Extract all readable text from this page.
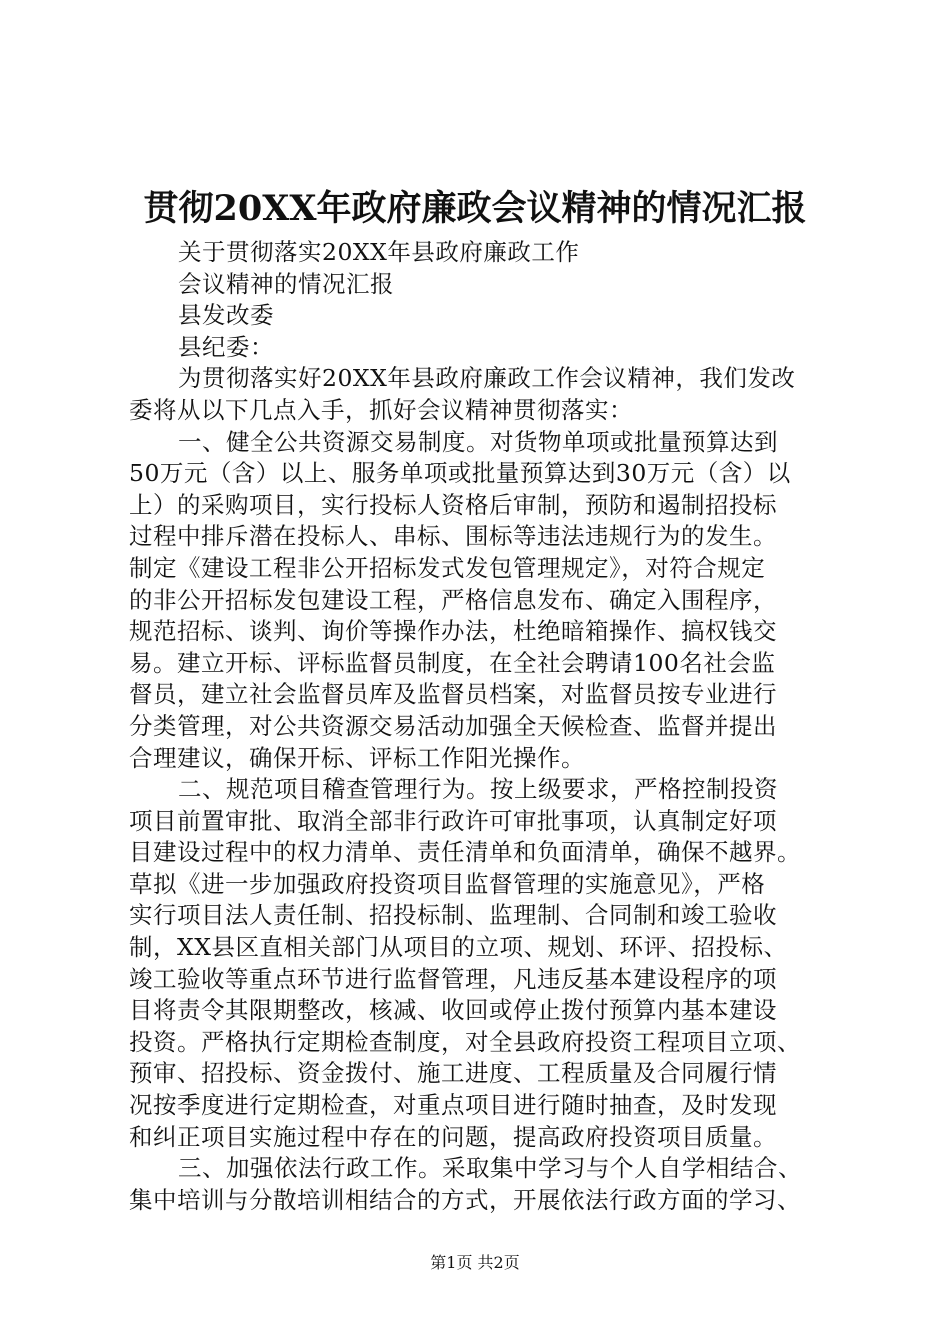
贯彻20XX年政府廉政会议精神的情况汇报
关于贯彻落实20XX年县政府廉政工作
会议精神的情况汇报
县发改委
县纪委：
为贯彻落实好20XX年县政府廉政工作会议精神，我们发改
委将从以下几点入手，抓好会议精神贯彻落实：
一、健全公共资源交易制度。对货物单项或批量预算达到
50万元（含）以上、服务单项或批量预算达到30万元（含）以
上）的采购项目，实行投标人资格后审制，预防和遏制招投标
过程中排斥潜在投标人、串标、围标等违法违规行为的发生。
制定《建设工程非公开招标发式发包管理规定》，对符合规定
的非公开招标发包建设工程，严格信息发布、确定入围程序，
规范招标、谈判、询价等操作办法，杜绝暗箱操作、搞权钱交
易。建立开标、评标监督员制度，在全社会聘请100名社会监
督员，建立社会监督员库及监督员档案，对监督员按专业进行
分类管理，对公共资源交易活动加强全天候检查、监督并提出
合理建议，确保开标、评标工作阳光操作。
二、规范项目稽查管理行为。按上级要求，严格控制投资
项目前置审批、取消全部非行政许可审批事项，认真制定好项
目建设过程中的权力清单、责任清单和负面清单，确保不越界。
草拟《进一步加强政府投资项目监督管理的实施意见》，严格
实行项目法人责任制、招投标制、监理制、合同制和竣工验收
制，XX县区直相关部门从项目的立项、规划、环评、招投标、
竣工验收等重点环节进行监督管理，凡违反基本建设程序的项
目将责令其限期整改，核减、收回或停止拨付预算内基本建设
投资。严格执行定期检查制度，对全县政府投资工程项目立项、
预审、招投标、资金拨付、施工进度、工程质量及合同履行情
况按季度进行定期检查，对重点项目进行随时抽查，及时发现
和纠正项目实施过程中存在的问题，提高政府投资项目质量。
三、加强依法行政工作。采取集中学习与个人自学相结合、
集中培训与分散培训相结合的方式，开展依法行政方面的学习、
第1页 共2页
